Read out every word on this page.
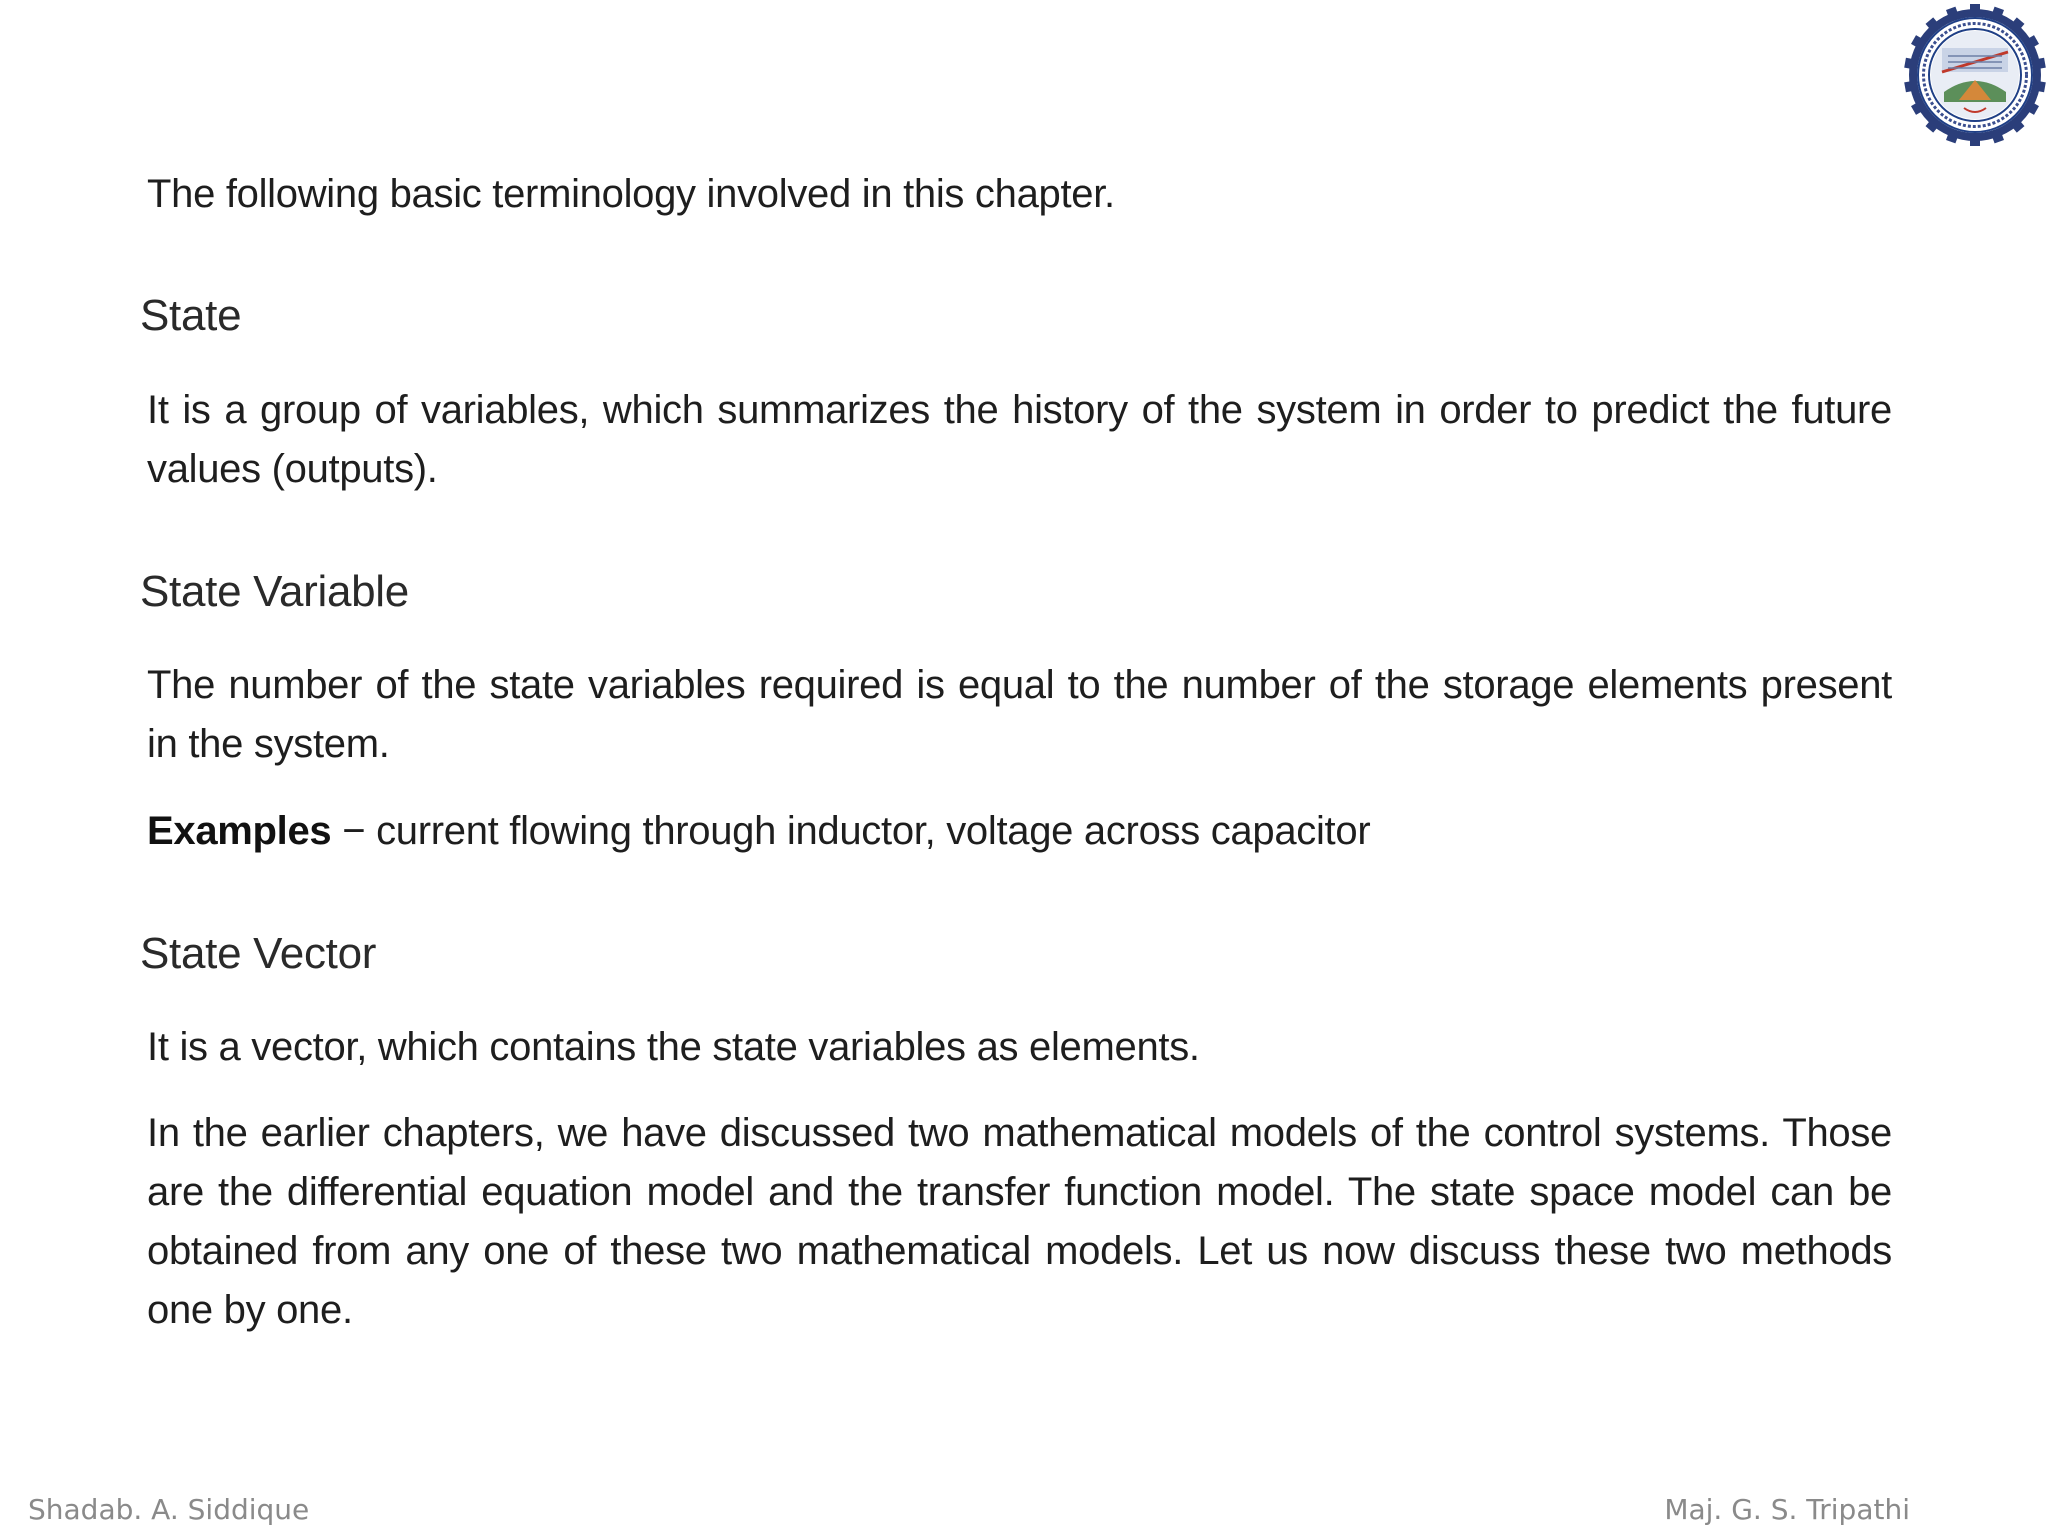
The following basic terminology involved in this chapter.
State
It is a group of variables, which summarizes the history of the system in order to predict the future values (outputs).
State Variable
The number of the state variables required is equal to the number of the storage elements present in the system.
Examples − current flowing through inductor, voltage across capacitor
State Vector
It is a vector, which contains the state variables as elements.
In the earlier chapters, we have discussed two mathematical models of the control systems. Those are the differential equation model and the transfer function model. The state space model can be obtained from any one of these two mathematical models. Let us now discuss these two methods one by one.
Shadab. A. Siddique	Maj. G. S. Tripathi
